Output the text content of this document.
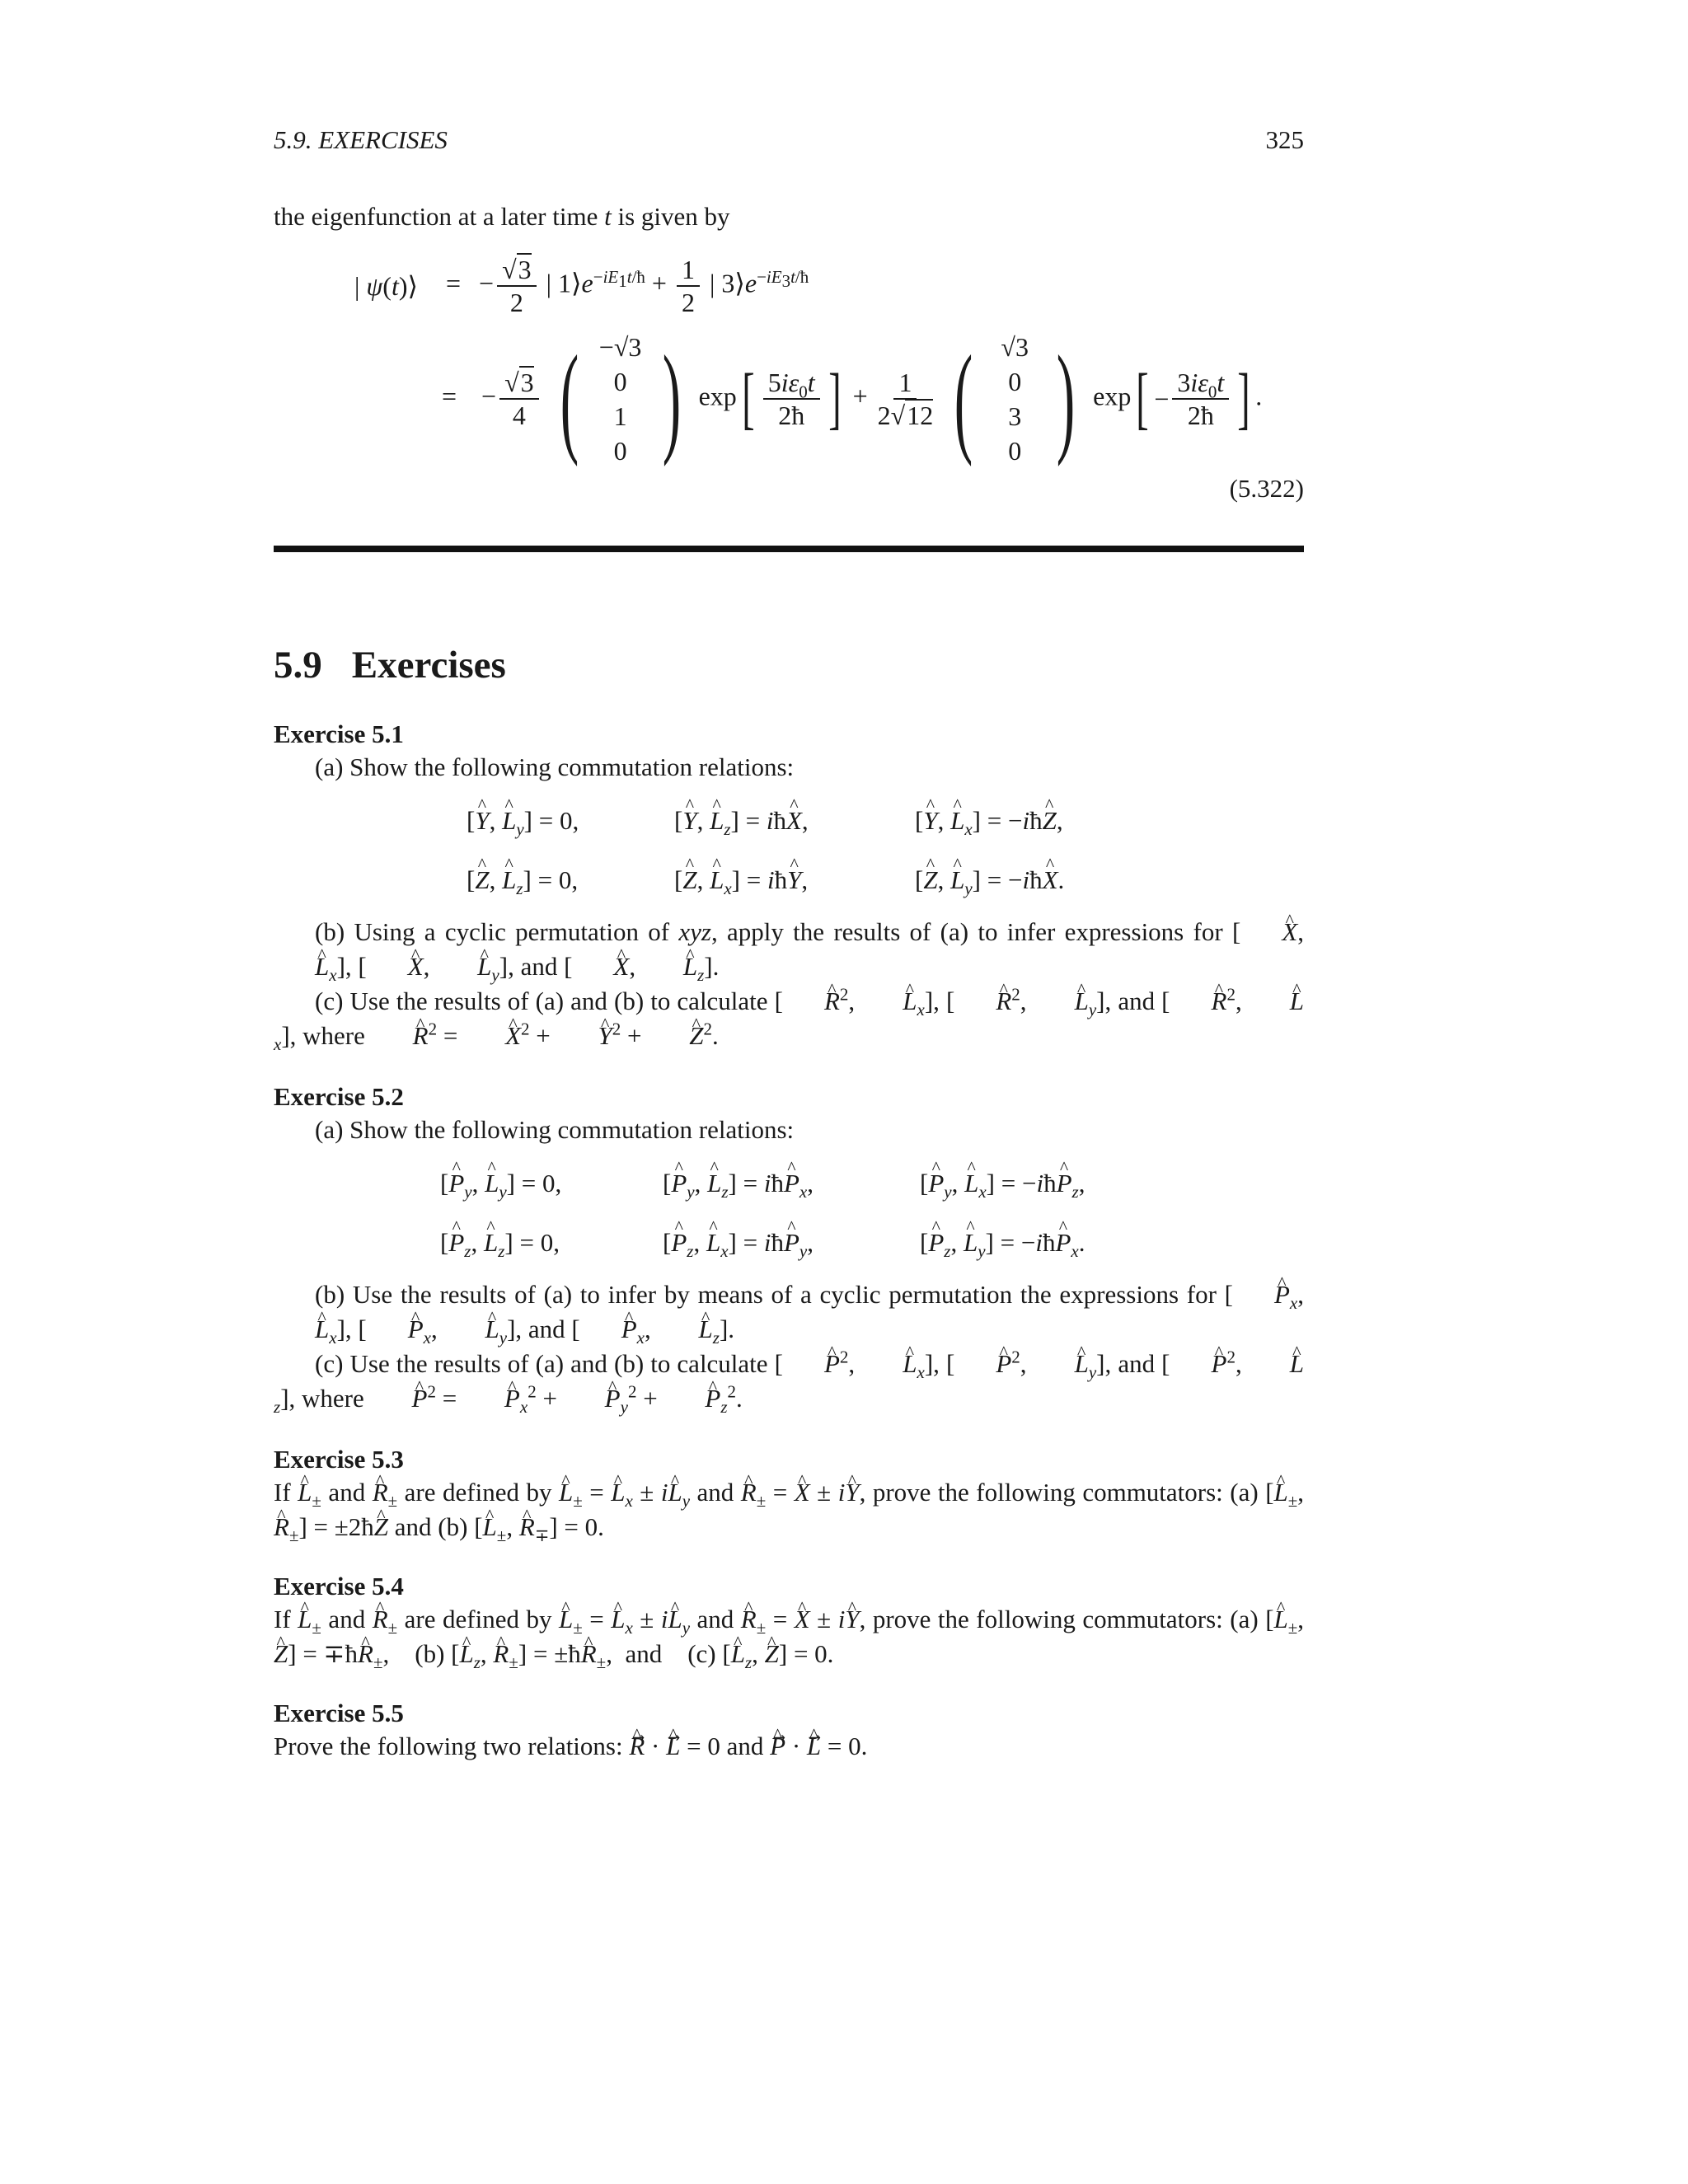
5.9. EXERCISES	325
the eigenfunction at a later time t is given by
| ψ(t)⟩ = − $\frac{√3}{2}$ | $1⟩e^{-iE_1t/ħ} + \frac{1}{2}$ | $3⟩e^{-iE_3t/ħ}$
= − $\frac{√3}{4}$
( −√3
0
1
0 ) exp [ $\frac{5i\varepsilon_0t}{2ħ}$ ] + $\frac{1}{2√12}$
( √3
0
3
0 ) exp [ − $\frac{3i\varepsilon_0t}{2ħ}$ ] .
(5.322)
5.9 Exercises
Exercise 5.1
(a) Show the following commutation relations:
[^ Y, ^ $L_y] = 0$,	[^ Y, ^ $L_z$] = iħ^ X,	[^ Y, ^ $L_x$] = −iħ^ Z,
[^ Z, ^ $L_z] = 0$,	[^ Z, ^ $L_x$] = iħ^ Y,	[^ Z, ^ $L_y$] = −iħ^ X.
(b) Using a cyclic permutation of xyz, apply the results of (a) to infer expressions for [ ^ X, ^ $L_x$], [ ^ X, ^ $L_y$], and [ ^ X, ^ $L_z$].
(c) Use the results of (a) and (b) to calculate [ ^ $R^2$, ^ $L_x$], [ ^ $R^2$, ^ $L_y$], and [ ^ $R^2$, ^ $L_x$], where ^ $R^2$ = ^ $X^2$ + ^ $Y^2$ + ^ $Z^2$.
Exercise 5.2
(a) Show the following commutation relations:
[^ $P_y$, ^ $L_y] = 0$,	[^ $P_y$, ^ $L_z$] = iħ^ $P_x$,	[^ $P_y$, ^ $L_x$] = −iħ^ $P_z$,
[^ $P_z$, ^ $L_z] = 0$,	[^ $P_z$, ^ $L_x$] = iħ^ $P_y$,	[^ $P_z$, ^ $L_y$] = −iħ^ $P_x$.
(b) Use the results of (a) to infer by means of a cyclic permutation the expressions for [ ^ $P_x$, ^ $L_x$], [ ^ $P_x$, ^ $L_y$], and [ ^ $P_x$, ^ $L_z$].
(c) Use the results of (a) and (b) to calculate [ ^ $P^2$, ^ $L_x$], [ ^ $P^2$, ^ $L_y$], and [ ^ $P^2$, ^ $L_z$], where ^ $P^2$ = ^ $P_x^2$ + ^ $P_y^2$ + ^ $P_z^2$.
Exercise 5.3
If ^ $L_\pm$ and ^ $R_\pm$ are defined by ^ $L_\pm$ = ^ $L_x$ ± i^ $L_y$ and ^ $R_\pm$ = ^ X ± i^ Y, prove the following commutators: (a) [^ $L_\pm$, ^ $R_\pm$] = ±2ħ^ Z and (b) [^ $L_\pm$, ^ $R_\mp] = 0$.
Exercise 5.4
If ^ $L_\pm$ and ^ $R_\pm$ are defined by ^ $L_\pm$ = ^ $L_x$ ± i^ $L_y$ and ^ $R_\pm$ = ^ X ± i^ Y, prove the following commutators: (a) [^ $L_\pm$, ^ Z] = ∓ħ^ $R_\pm$,    (b) [^ $L_z$, ^ $R_\pm$] = ±ħ^ $R_\pm$,  and    (c) [^ $L_z$, ^ Z] = 0.
Exercise 5.5
Prove the following two relations: ^ R⃗ · ^ L⃗ = 0 and ^ P⃗ · ^ L⃗ = 0.
